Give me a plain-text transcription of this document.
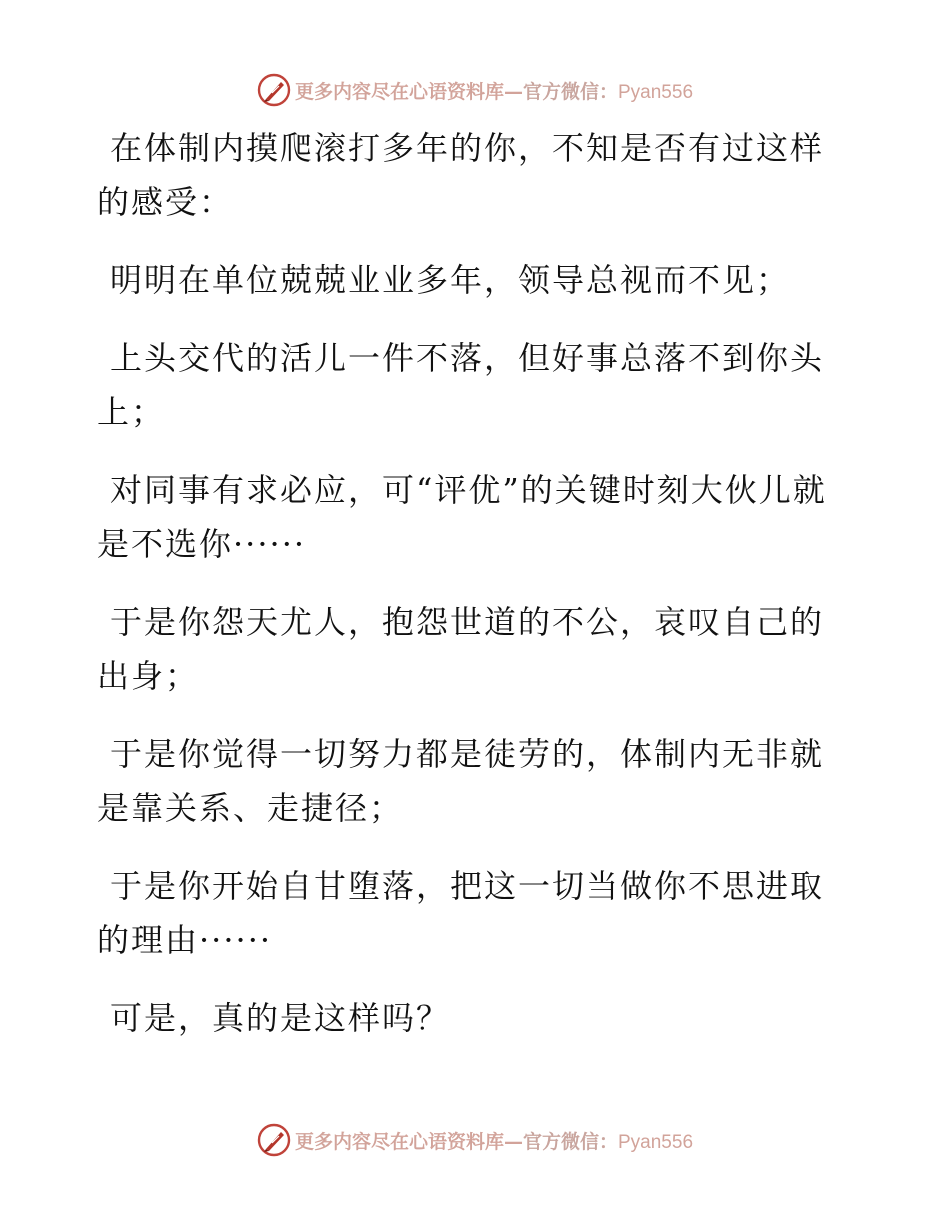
更多内容尽在心语资料库—官方微信：Pyan556

在体制内摸爬滚打多年的你，不知是否有过这样的感受：

明明在单位兢兢业业多年，领导总视而不见；

上头交代的活儿一件不落，但好事总落不到你头上；

对同事有求必应，可“评优”的关键时刻大伙儿就是不选你······

于是你怨天尤人，抱怨世道的不公，哀叹自己的出身；

于是你觉得一切努力都是徒劳的，体制内无非就是靠关系、走捷径；

于是你开始自甘堕落，把这一切当做你不思进取的理由······

可是，真的是这样吗？

更多内容尽在心语资料库—官方微信：Pyan556
